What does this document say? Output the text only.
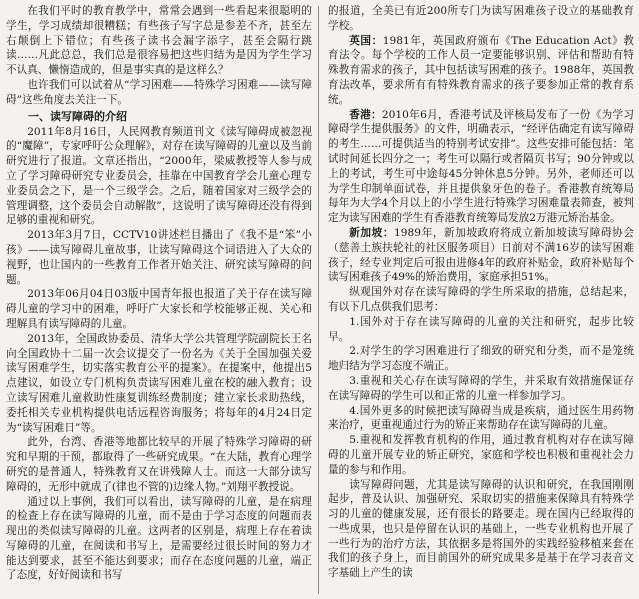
在我们平时的教育教学中，常常会遇到一些看起来很聪明的学生，学习成绩却很糟糕；有些孩子写字总是参差不齐，甚至左右颠倒上下错位；有些孩子读书会漏字添字，甚至会隔行跳读……凡此总总，我们总是很容易把这些归结为是因为学生学习不认真、懒惰造成的，但是事实真的是这样么？

也许我们可以试着从“学习困难——特殊学习困难——读写障碍”这些角度去关注一下。

一、读写障碍的介绍

2011年8月16日，人民网教育频道刊文《读写障碍成被忽视的“魔障”，专家呼吁公众理解》，对存在读写障碍的儿童以及当前研究进行了报道。文章还指出，“2000年，梁威教授等人参与成立了学习障碍研究专业委员会，挂靠在中国教育学会儿童心理专业委员会之下，是一个三级学会。之后，随着国家对三级学会的管理调整，这个委员会自动解散”，这说明了读写障碍还没有得到足够的重视和研究。

2013年3月7日，CCTV10讲述栏目播出了《我不是“笨”小孩》——读写障碍儿童故事，让读写障碍这个词语进入了大众的视野，也让国内的一些教育工作者开始关注、研究读写障碍的问题。

2013年06月04日03版中国青年报也报道了关于存在读写障碍儿童的学习中的困难，呼吁广大家长和学校能够正视、关心和理解具有读写障碍的儿童。

2013年，全国政协委员、清华大学公共管理学院副院长王名向全国政协十二届一次会议提交了一份名为《关于全国加强关爱读写困难学生，切实落实教育公平的提案》。在提案中，他提出5点建议，如设立专门机构负责读写困难儿童在校的融入教育；设立读写困难儿童救助性康复训练经费制度；建立家长求助热线，委托相关专业机构提供电话远程咨询服务；将每年的4月24日定为“读写困难日”等。

此外，台湾、香港等地都比较早的开展了特殊学习障碍的研究和早期的干预，都取得了一些研究成果。“在大陆，教育心理学研究的是普通人，特殊教育又在讲残障人士。而这一大部分读写障碍的，无形中就成了(律也不管的)边缘人物。”刘翔平教授说。

通过以上事例，我们可以看出，读写障碍的儿童，是在病理的检查上存在读写障碍的儿童，而不是由于学习态度的问题而表现出的类似读写障碍的儿童。这两者的区别是，病理上存在着读写障碍的儿童，在阅读和书写上，是需要经过很长时间的努力才能达到要求，甚至不能达到要求；而存在态度问题的儿童，端正了态度，好好阅读和书写

的报道，全美已有近200所专门为读写困难孩子设立的基础教育学校。

英国：1981年，英国政府颁布《The Education Act》教育法令。每个学校的工作人员一定要能够识别、评估和帮助有特殊教育需求的孩子，其中包括读写困难的孩子。1988年，英国教育法改革，要求所有有特殊教育需求的孩子要参加正常的教育系统。

香港：2010年6月，香港考试及评核局发布了一份《为学习障碍学生提供服务》的文件，明确表示，“经评估确定有读写障碍的考生……可提供适当的特别考试安排”。这些安排可能包括：笔试时间延长四分之一；考生可以隔行或者隔页书写；90分钟或以上的考试，考生可中途每45分钟休息5分钟。另外，老师还可以为学生印制单面试卷，并且提供象牙色的卷子。香港教育统筹局每年为大学4个月以上的小学生进行特殊学习困难量表筛查，被判定为读写困难的学生有香港教育统筹局发放2万港元矫治基金。

新加坡：1989年，新加坡政府将成立新加坡读写障碍协会（慈善土族扶轮社的社区服务项目）日前对不满16岁的读写困难孩子，经专业判定后可报由进修4年的政府补贴金，政府补贴每个读写困难孩子49%的矫治费用，家庭承担51%。

纵观国外对存在读写障碍的学生所采取的措施，总结起来，有以下几点供我们思考：

1.国外对于存在读写障碍的儿童的关注和研究，起步比较早。

2.对学生的学习困难进行了细致的研究和分类，而不是笼统地归结为学习态度不端正。

3.重视和关心存在读写障碍的学生，并采取有效措施保证存在读写障碍的学生可以和正常的儿童一样参加学习。

4.国外更多的时候把读写障碍当成是疾病，通过医生用药物来治疗，更重视通过行为的矫正来帮助存在读写障碍的儿童。

5.重视和发挥教育机构的作用，通过教育机构对存在读写障碍的儿童开展专业的矫正研究，家庭和学校也积极和重视社会力量的参与和作用。

读写障碍问题，尤其是读写障碍的认识和研究，在我国刚刚起步，普及认识、加强研究、采取切实的措施来保障具有特殊学习的儿童的健康发展，还有很长的路要走。现在国内已经取得的一些成果，也只是停留在认识的基础上，一些专业机构也开展了一些行为的治疗方法，其依据多是将国外的实践经验移植来套在我们的孩子身上，而目前国外的研究成果多是基于在学习表音文字基础上产生的读
